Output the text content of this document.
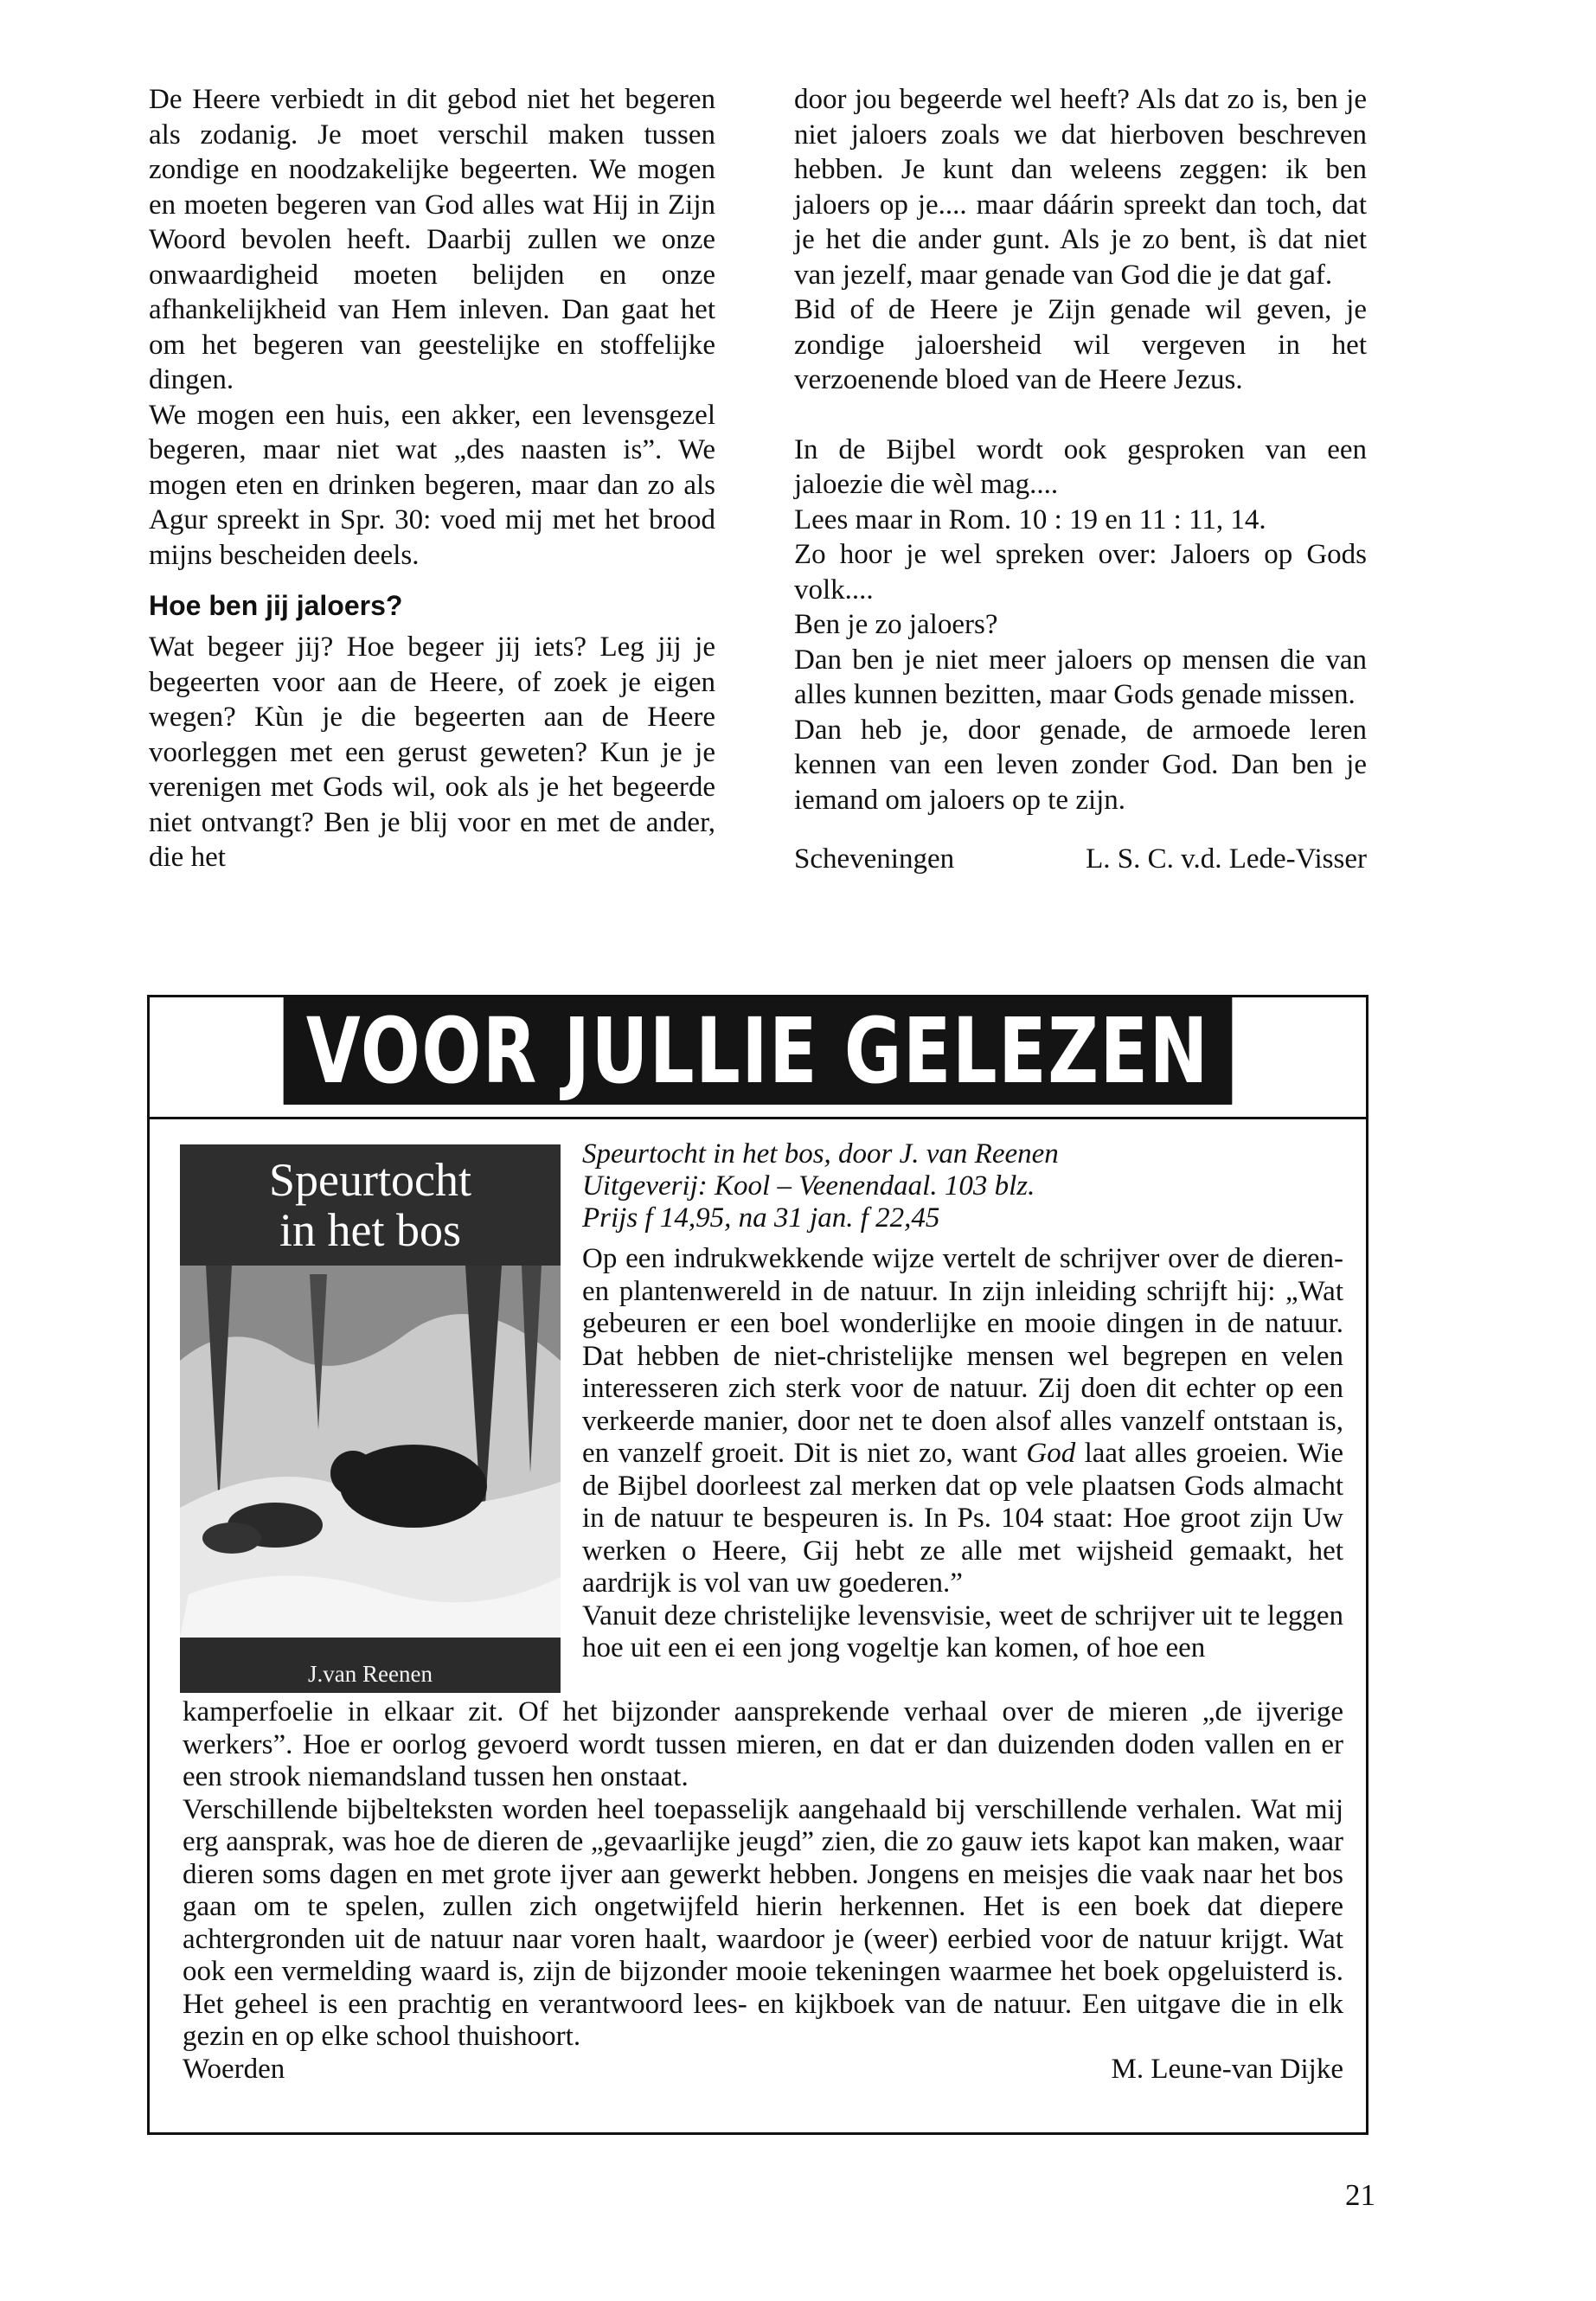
De Heere verbiedt in dit gebod niet het begeren als zodanig. Je moet verschil maken tussen zondige en noodzakelijke begeerten. We mogen en moeten begeren van God alles wat Hij in Zijn Woord bevolen heeft. Daarbij zullen we onze onwaardigheid moeten belijden en onze afhankelijkheid van Hem inleven. Dan gaat het om het begeren van geestelijke en stoffelijke dingen.

We mogen een huis, een akker, een levensgezel begeren, maar niet wat „des naasten is”. We mogen eten en drinken begeren, maar dan zo als Agur spreekt in Spr. 30: voed mij met het brood mijns bescheiden deels.

Hoe ben jij jaloers?

Wat begeer jij? Hoe begeer jij iets? Leg jij je begeerten voor aan de Heere, of zoek je eigen wegen? Kùn je die begeerten aan de Heere voorleggen met een gerust geweten? Kun je je verenigen met Gods wil, ook als je het begeerde niet ontvangt? Ben je blij voor en met de ander, die het

door jou begeerde wel heeft? Als dat zo is, ben je niet jaloers zoals we dat hierboven beschreven hebben. Je kunt dan weleens zeggen: ik ben jaloers op je.... maar dáárin spreekt dan toch, dat je het die ander gunt. Als je zo bent, is̀ dat niet van jezelf, maar genade van God die je dat gaf.

Bid of de Heere je Zijn genade wil geven, je zondige jaloersheid wil vergeven in het verzoenende bloed van de Heere Jezus.

In de Bijbel wordt ook gesproken van een jaloezie die wèl mag....

Lees maar in Rom. 10 : 19 en 11 : 11, 14.

Zo hoor je wel spreken over: Jaloers op Gods volk....

Ben je zo jaloers?

Dan ben je niet meer jaloers op mensen die van alles kunnen bezitten, maar Gods genade missen.

Dan heb je, door genade, de armoede leren kennen van een leven zonder God. Dan ben je iemand om jaloers op te zijn.

Scheveningen	L. S. C. v.d. Lede-Visser

VOOR JULLIE GELEZEN
Speurtocht
in het bos
J.van Reenen

Speurtocht in het bos, door J. van Reenen

Uitgeverij: Kool – Veenendaal. 103 blz.

Prijs f 14,95, na 31 jan. f 22,45

Op een indrukwekkende wijze vertelt de schrijver over de dieren- en plantenwereld in de natuur. In zijn inleiding schrijft hij: „Wat gebeuren er een boel wonderlijke en mooie dingen in de natuur. Dat hebben de niet-christelijke mensen wel begrepen en velen interesseren zich sterk voor de natuur. Zij doen dit echter op een verkeerde manier, door net te doen alsof alles vanzelf ontstaan is, en vanzelf groeit. Dit is niet zo, want God laat alles groeien. Wie de Bijbel doorleest zal merken dat op vele plaatsen Gods almacht in de natuur te bespeuren is. In Ps. 104 staat: Hoe groot zijn Uw werken o Heere, Gij hebt ze alle met wijsheid gemaakt, het aardrijk is vol van uw goederen.”

Vanuit deze christelijke levensvisie, weet de schrijver uit te leggen hoe uit een ei een jong vogeltje kan komen, of hoe een

kamperfoelie in elkaar zit. Of het bijzonder aansprekende verhaal over de mieren „de ijverige werkers”. Hoe er oorlog gevoerd wordt tussen mieren, en dat er dan duizenden doden vallen en er een strook niemandsland tussen hen onstaat.

Verschillende bijbelteksten worden heel toepasselijk aangehaald bij verschillende verhalen. Wat mij erg aansprak, was hoe de dieren de „gevaarlijke jeugd” zien, die zo gauw iets kapot kan maken, waar dieren soms dagen en met grote ijver aan gewerkt hebben. Jongens en meisjes die vaak naar het bos gaan om te spelen, zullen zich ongetwijfeld hierin herkennen. Het is een boek dat diepere achtergronden uit de natuur naar voren haalt, waardoor je (weer) eerbied voor de natuur krijgt. Wat ook een vermelding waard is, zijn de bijzonder mooie tekeningen waarmee het boek opgeluisterd is. Het geheel is een prachtig en verantwoord lees- en kijkboek van de natuur. Een uitgave die in elk gezin en op elke school thuishoort.

Woerden	M. Leune-van Dijke

21
